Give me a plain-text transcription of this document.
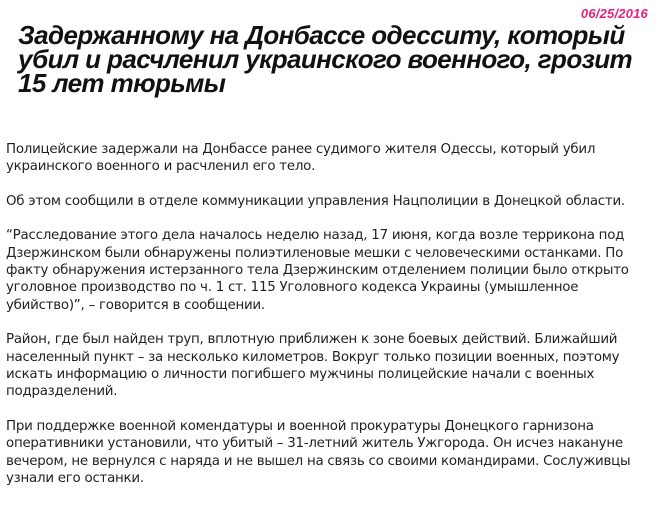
06/25/2016
Задержанному на Донбассе одесситу, который убил и расчленил украинского военного, грозит 15 лет тюрьмы

Полицейские задержали на Донбассе ранее судимого жителя Одессы, который убил украинского военного и расчленил его тело.

Об этом сообщили в отделе коммуникации управления Нацполиции в Донецкой области.

“Расследование этого дела началось неделю назад, 17 июня, когда возле терриконa под Дзержинском были обнаружены полиэтиленовые мешки с человеческими останками. По факту обнаружения истерзанного тела Дзержинским отделением полиции было открыто уголовное производство по ч. 1 ст. 115 Уголовного кодекса Украины (умышленное убийство)”, – говорится в сообщении.

Район, где был найден труп, вплотную приближен к зоне боевых действий. Ближайший населенный пункт – за несколько километров. Вокруг только позиции военных, поэтому искать информацию о личности погибшего мужчины полицейские начали с военных подразделений.

При поддержке военной комендатуры и военной прокуратуры Донецкого гарнизона оперативники установили, что убитый – 31-летний житель Ужгорода. Он исчез накануне вечером, не вернулся с наряда и не вышел на связь со своими командирами. Сослуживцы узнали его останки.
